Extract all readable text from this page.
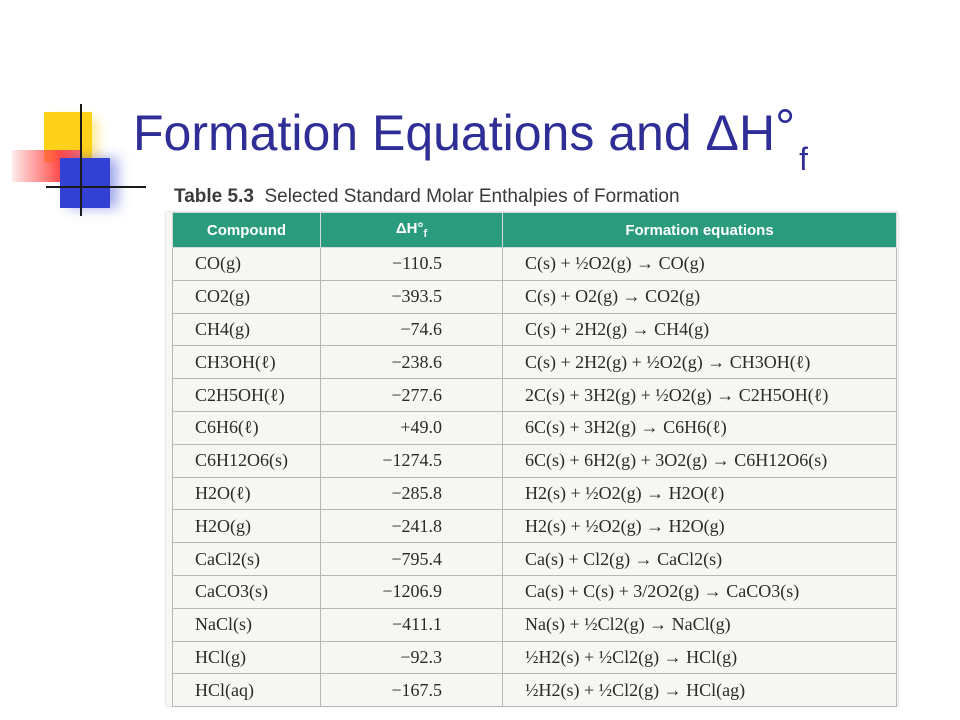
Formation Equations and $\Delta H^\circ_f$

Table 5.3 Selected Standard Molar Enthalpies of Formation

Compound	$\Delta H^\circ_f$	Formation equations
CO(g)	−110.5	C(s) + ½O2(g) → CO(g)
CO2(g)	−393.5	C(s) + O2(g) → CO2(g)
CH4(g)	−74.6	C(s) + 2H2(g) → CH4(g)
CH3OH(ℓ)	−238.6	C(s) + 2H2(g) + ½O2(g) → CH3OH(ℓ)
C2H5OH(ℓ)	−277.6	2C(s) + 3H2(g) + ½O2(g) → C2H5OH(ℓ)
C6H6(ℓ)	+49.0	6C(s) + 3H2(g) → C6H6(ℓ)
C6H12O6(s)	−1274.5	6C(s) + 6H2(g) + 3O2(g) → C6H12O6(s)
H2O(ℓ)	−285.8	H2(s) + ½O2(g) → H2O(ℓ)
H2O(g)	−241.8	H2(s) + ½O2(g) → H2O(g)
CaCl2(s)	−795.4	Ca(s) + Cl2(g) → CaCl2(s)
CaCO3(s)	−1206.9	Ca(s) + C(s) + 3/2O2(g) → CaCO3(s)
NaCl(s)	−411.1	Na(s) + ½Cl2(g) → NaCl(g)
HCl(g)	−92.3	½H2(s) + ½Cl2(g) → HCl(g)
HCl(aq)	−167.5	½H2(s) + ½Cl2(g) → HCl(ag)
